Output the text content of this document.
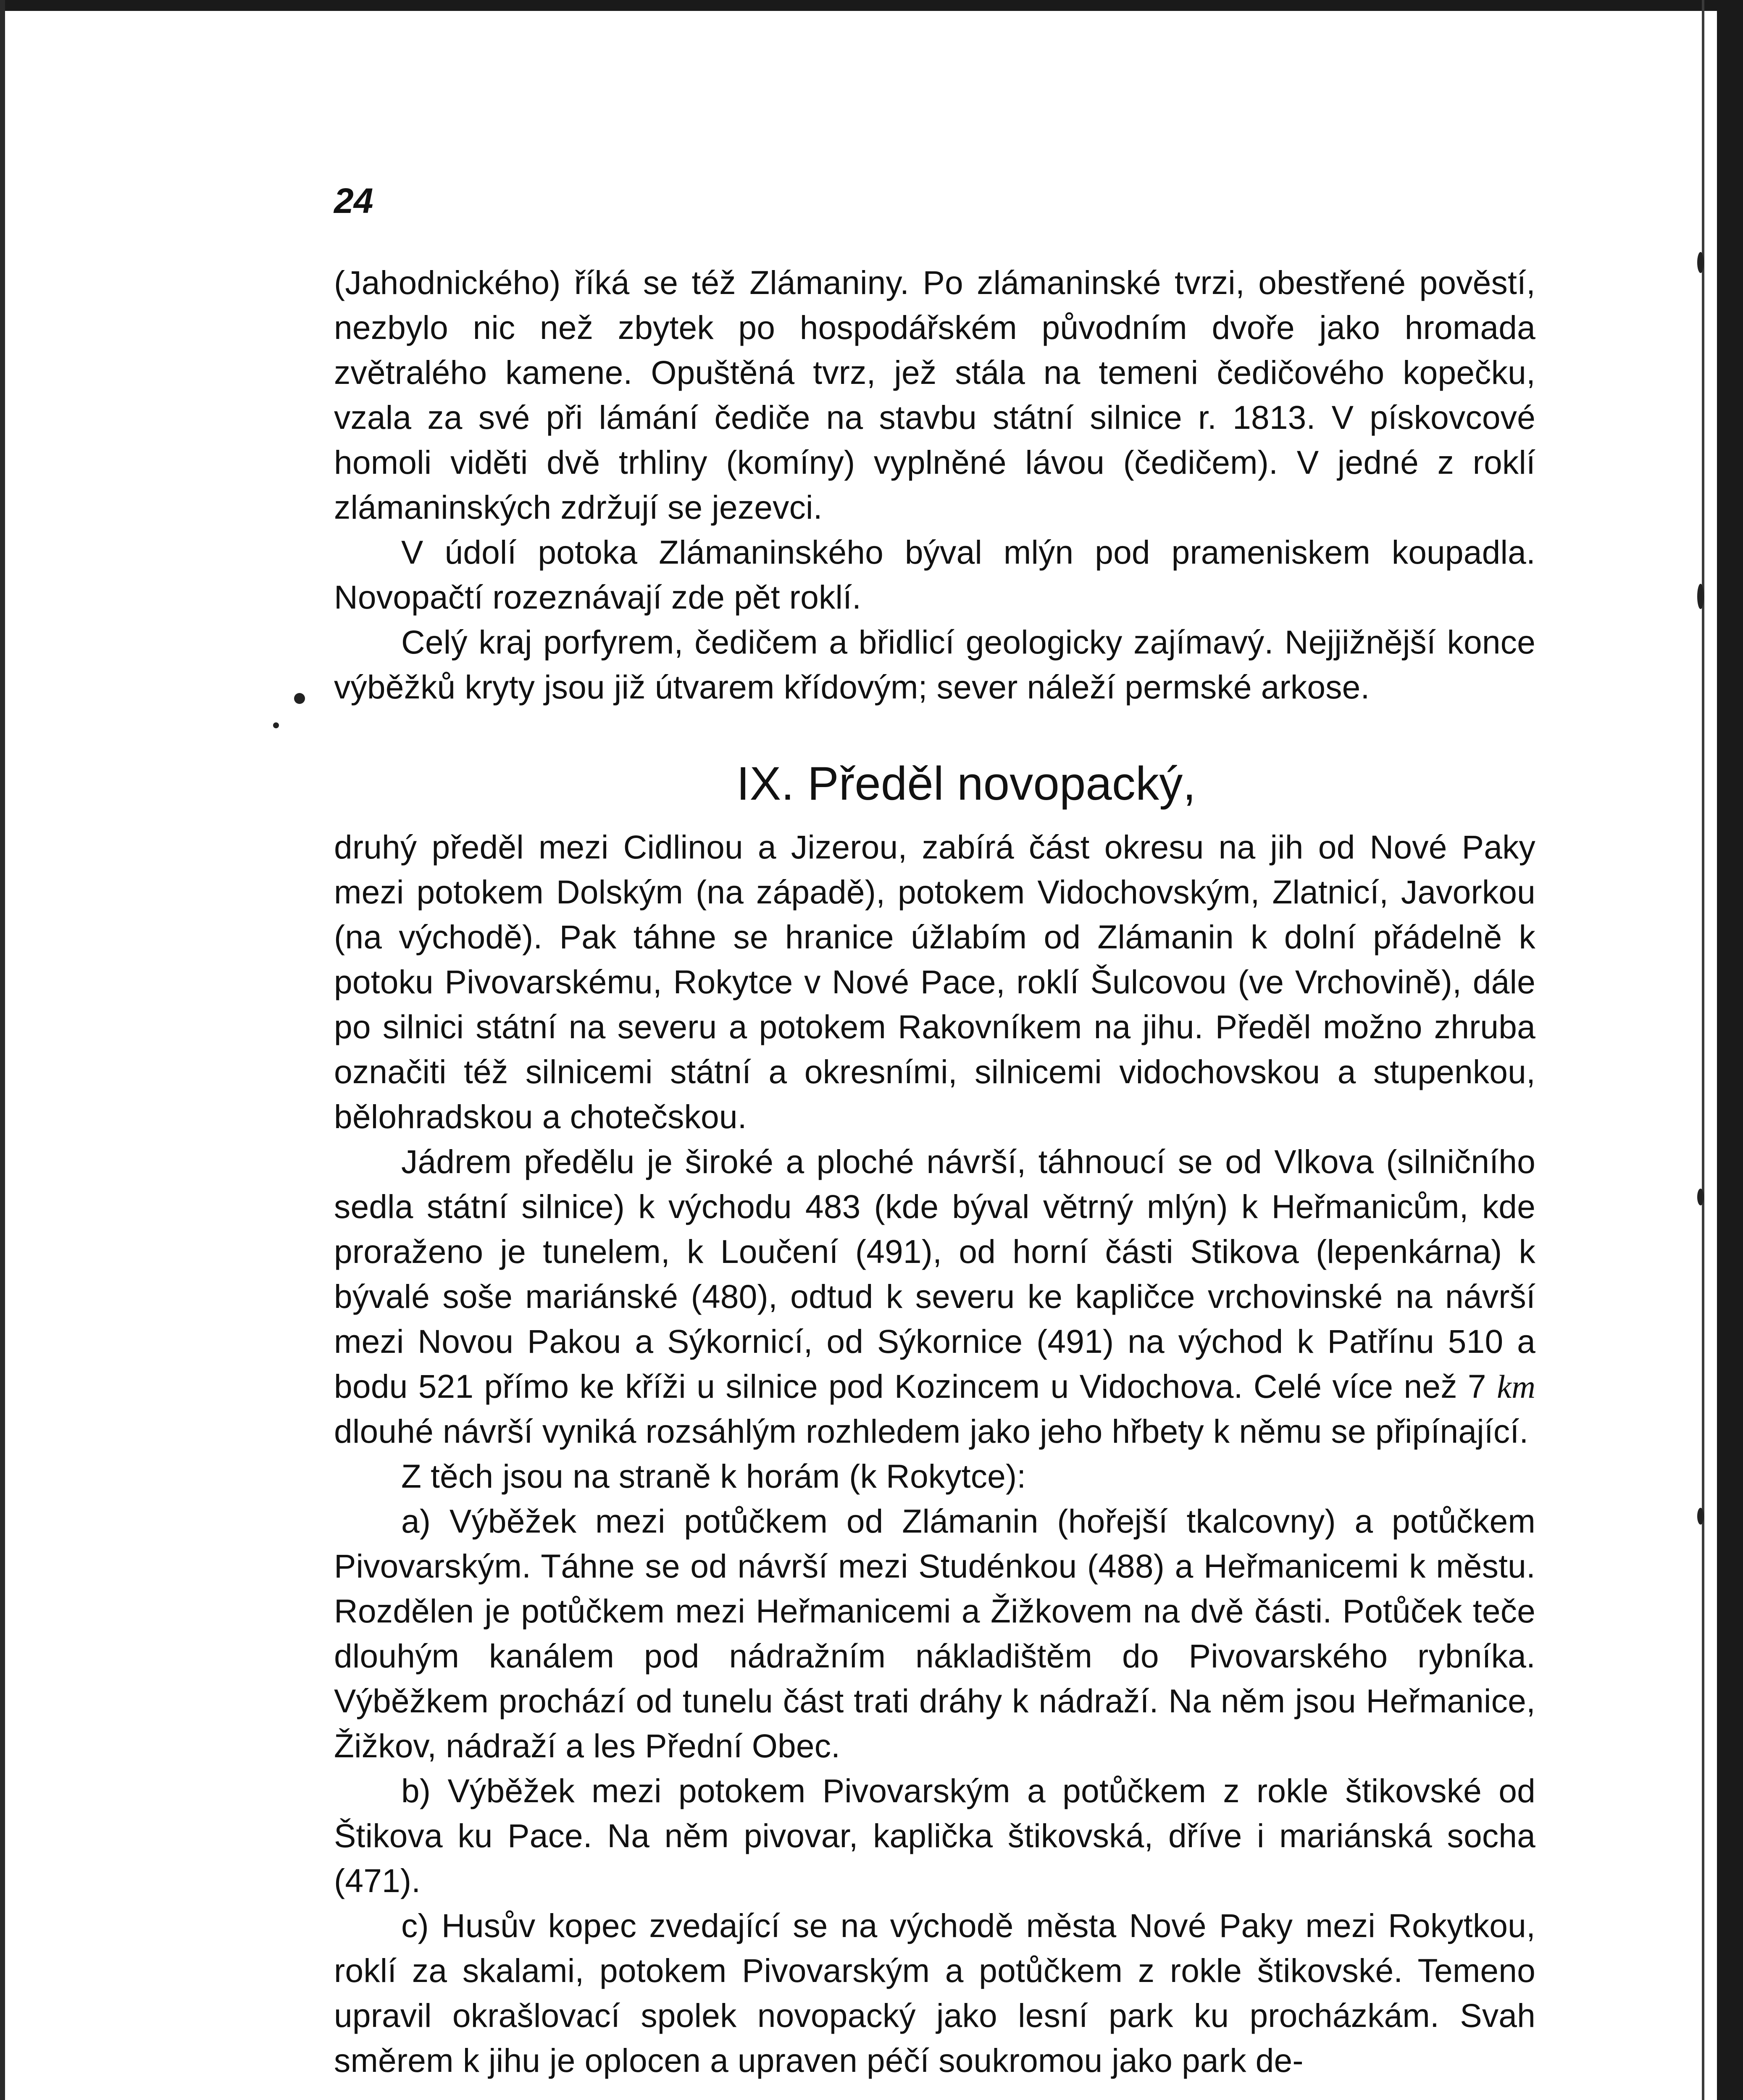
24

(Jahodnického) říká se též Zlámaniny. Po zlámaninské tvrzi, obestřené pověstí, nezbylo nic než zbytek po hospodářském původním dvoře jako hromada zvětralého kamene. Opuštěná tvrz, jež stála na temeni čedičového kopečku, vzala za své při lámání čediče na stavbu státní silnice r. 1813. V pískovcové homoli viděti dvě trhliny (komíny) vyplněné lávou (čedičem). V jedné z roklí zlámaninských zdržují se jezevci.

V údolí potoka Zlámaninského býval mlýn pod prameniskem koupadla. Novopačtí rozeznávají zde pět roklí.

Celý kraj porfyrem, čedičem a břidlicí geologicky zajímavý. Nejjižnější konce výběžků kryty jsou již útvarem křídovým; sever náleží permské arkose.

IX. Předěl novopacký,

druhý předěl mezi Cidlinou a Jizerou, zabírá část okresu na jih od Nové Paky mezi potokem Dolským (na západě), potokem Vidochovským, Zlatnicí, Javorkou (na východě). Pak táhne se hranice úžlabím od Zlámanin k dolní přádelně k potoku Pivovarskému, Rokytce v Nové Pace, roklí Šulcovou (ve Vrchovině), dále po silnici státní na severu a potokem Rakovníkem na jihu. Předěl možno zhruba označiti též silnicemi státní a okresními, silnicemi vidochovskou a stupenkou, bělohradskou a chotečskou.

Jádrem předělu je široké a ploché návrší, táhnoucí se od Vlkova (silničního sedla státní silnice) k východu 483 (kde býval větrný mlýn) k Heřmanicům, kde proraženo je tunelem, k Loučení (491), od horní části Stikova (lepenkárna) k bývalé soše mariánské (480), odtud k severu ke kapličce vrchovinské na návrší mezi Novou Pakou a Sýkornicí, od Sýkornice (491) na východ k Patřínu 510 a bodu 521 přímo ke kříži u silnice pod Kozincem u Vidochova. Celé více než 7 km dlouhé návrší vyniká rozsáhlým rozhledem jako jeho hřbety k němu se připínající.

Z těch jsou na straně k horám (k Rokytce):

a) Výběžek mezi potůčkem od Zlámanin (hořejší tkalcovny) a potůčkem Pivovarským. Táhne se od návrší mezi Studénkou (488) a Heřmanicemi k městu. Rozdělen je potůčkem mezi Heřmanicemi a Žižkovem na dvě části. Potůček teče dlouhým kanálem pod nádražním nákladištěm do Pivovarského rybníka. Výběžkem prochází od tunelu část trati dráhy k nádraží. Na něm jsou Heřmanice, Žižkov, nádraží a les Přední Obec.

b) Výběžek mezi potokem Pivovarským a potůčkem z rokle štikovské od Štikova ku Pace. Na něm pivovar, kaplička štikovská, dříve i mariánská socha (471).

c) Husův kopec zvedající se na východě města Nové Paky mezi Rokytkou, roklí za skalami, potokem Pivovarským a potůčkem z rokle štikovské. Temeno upravil okrašlovací spolek novopacký jako lesní park ku procházkám. Svah směrem k jihu je oplocen a upraven péčí soukromou jako park de-
